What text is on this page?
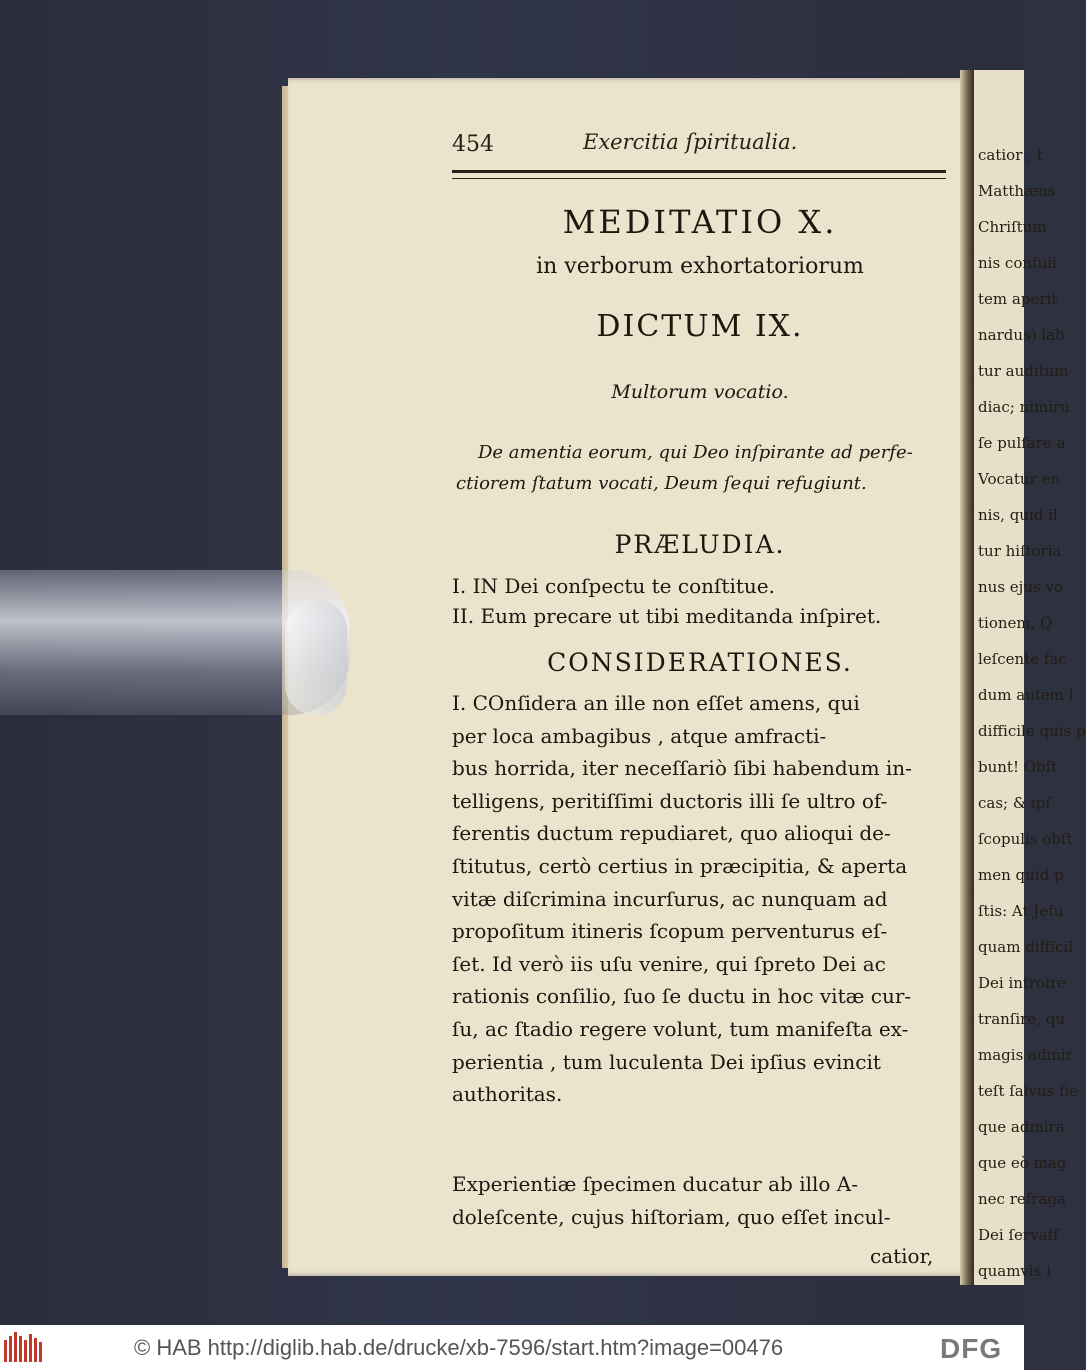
catior , t
Matthæus
Chriſtum
nis conſuli
tem aperit
nardus) lab
tur auditum
diac; nimiru
ſe pulſare a
Vocatur en
nis, quid il
tur hiſtoria
nus ejus vo
tionem, Q
leſcente fac
dum autem l
difficile quis p
bunt! Obſt
cas; & ipſ
ſcopulis obſt
men quid p
ſtis: At Jeſu
quam difficil
Dei introire
tranſire, qu
magis admir
teſt ſalvus fie
que admira
que eò mag
nec refraga
Dei ſervaſſ
quamvis i
454	Exercitia ſpiritualia.
MEDITATIO X.
in verborum exhortatoriorum
DICTUM IX.
Multorum vocatio.
De amentia eorum, qui Deo inſpirante ad perfe-
ctiorem ſtatum vocati, Deum ſequi refugiunt.
PRÆLUDIA.
I. IN Dei conſpectu te conſtitue.
II. Eum precare ut tibi meditanda inſpiret.
CONSIDERATIONES.
I. COnſidera an ille non eſſet amens, qui
per loca ambagibus , atque amfracti-
bus horrida, iter neceſſariò ſibi habendum in-
telligens, peritiſſimi ductoris illi ſe ultro of-
ferentis ductum repudiaret, quo alioqui de-
ſtitutus, certò certius in præcipitia, & aperta
vitæ diſcrimina incurſurus, ac nunquam ad
propoſitum itineris ſcopum perventurus eſ-
ſet. Id verò iis uſu venire, qui ſpreto Dei ac
rationis conſilio, ſuo ſe ductu in hoc vitæ cur-
ſu, ac ſtadio regere volunt, tum manifeſta ex-
perientia , tum luculenta Dei ipſius evincit
authoritas.
Experientiæ ſpecimen ducatur ab illo A-
doleſcente, cujus hiſtoriam, quo eſſet incul-
catior,
© HAB http://diglib.hab.de/drucke/xb-7596/start.htm?image=00476	DFG
